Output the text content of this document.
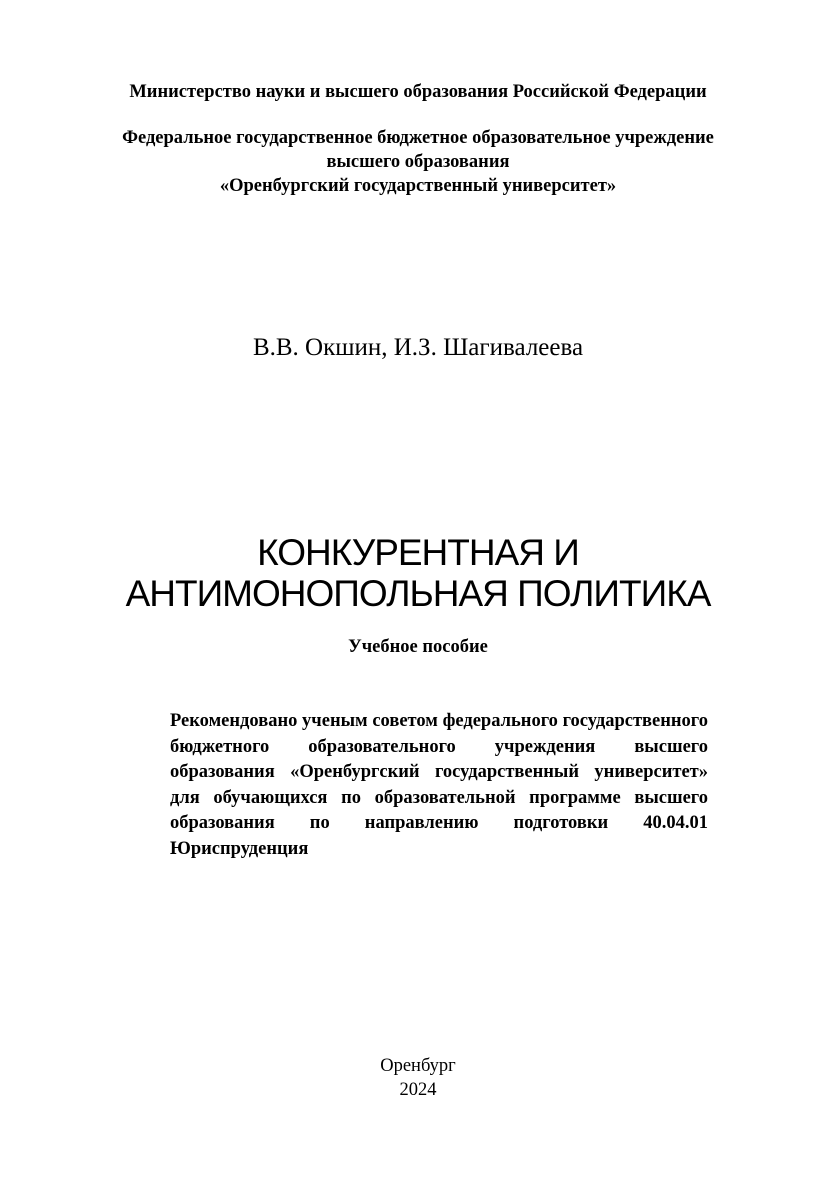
Министерство науки и высшего образования Российской Федерации
Федеральное государственное бюджетное образовательное учреждение
высшего образования
«Оренбургский государственный университет»
В.В. Окшин, И.З. Шагивалеева
КОНКУРЕНТНАЯ И
АНТИМОНОПОЛЬНАЯ ПОЛИТИКА
Учебное пособие
Рекомендовано ученым советом федерального государственного бюджетного образовательного учреждения высшего образования «Оренбургский государственный университет» для обучающихся по образовательной программе высшего образования по направлению подготовки 40.04.01 Юриспруденция
Оренбург
2024
